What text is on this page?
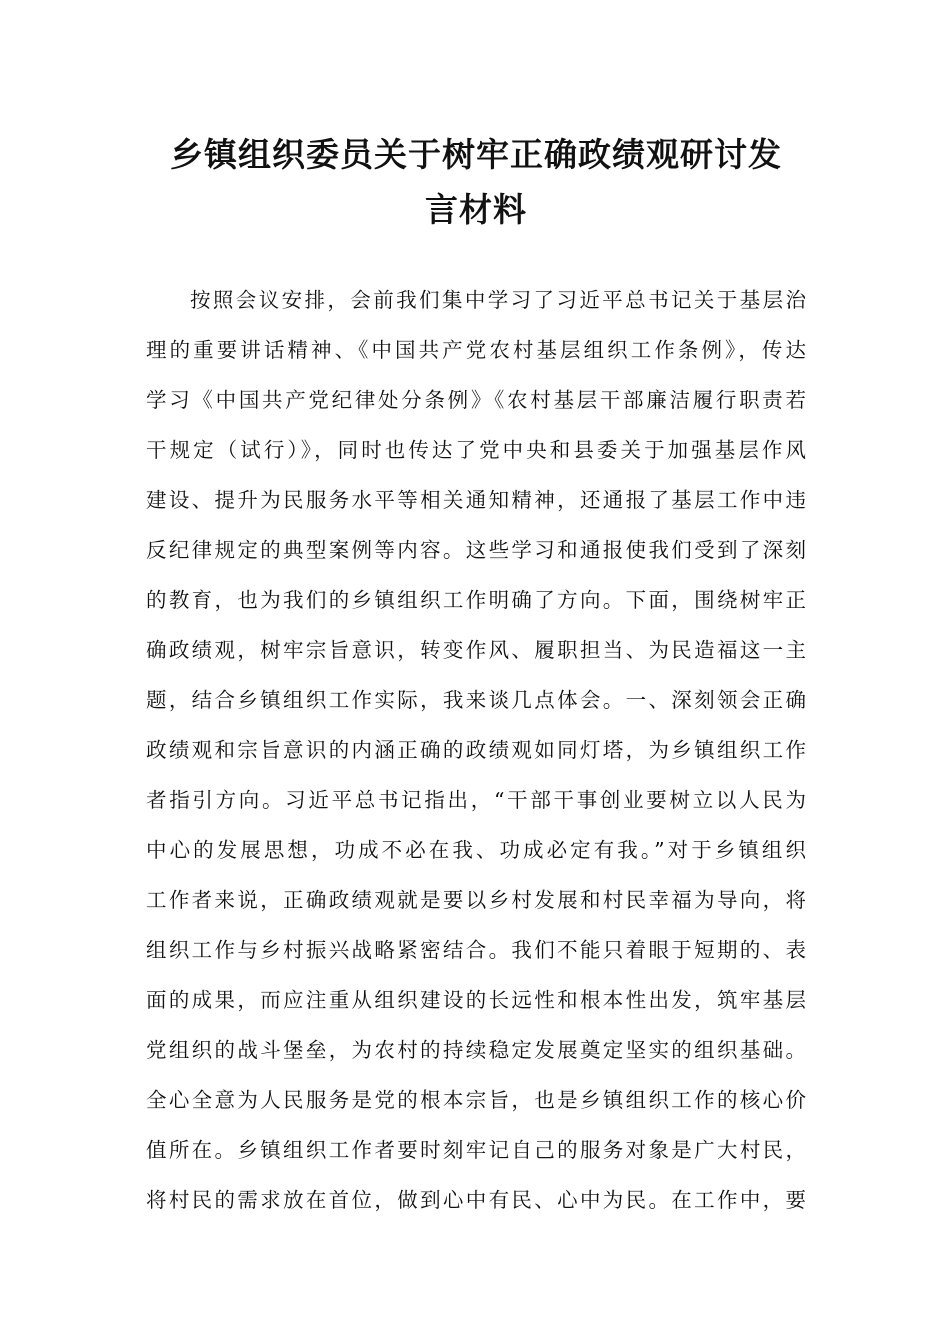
乡镇组织委员关于树牢正确政绩观研讨发
言材料
按照会议安排，会前我们集中学习了习近平总书记关于基层治
理的重要讲话精神、《中国共产党农村基层组织工作条例》，传达
学习《中国共产党纪律处分条例》《农村基层干部廉洁履行职责若
干规定（试行）》，同时也传达了党中央和县委关于加强基层作风
建设、提升为民服务水平等相关通知精神，还通报了基层工作中违
反纪律规定的典型案例等内容。这些学习和通报使我们受到了深刻
的教育，也为我们的乡镇组织工作明确了方向。下面，围绕树牢正
确政绩观，树牢宗旨意识，转变作风、履职担当、为民造福这一主
题，结合乡镇组织工作实际，我来谈几点体会。一、深刻领会正确
政绩观和宗旨意识的内涵正确的政绩观如同灯塔，为乡镇组织工作
者指引方向。习近平总书记指出，“干部干事创业要树立以人民为
中心的发展思想，功成不必在我、功成必定有我。”对于乡镇组织
工作者来说，正确政绩观就是要以乡村发展和村民幸福为导向，将
组织工作与乡村振兴战略紧密结合。我们不能只着眼于短期的、表
面的成果，而应注重从组织建设的长远性和根本性出发，筑牢基层
党组织的战斗堡垒，为农村的持续稳定发展奠定坚实的组织基础。
全心全意为人民服务是党的根本宗旨，也是乡镇组织工作的核心价
值所在。乡镇组织工作者要时刻牢记自己的服务对象是广大村民，
将村民的需求放在首位，做到心中有民、心中为民。在工作中，要
